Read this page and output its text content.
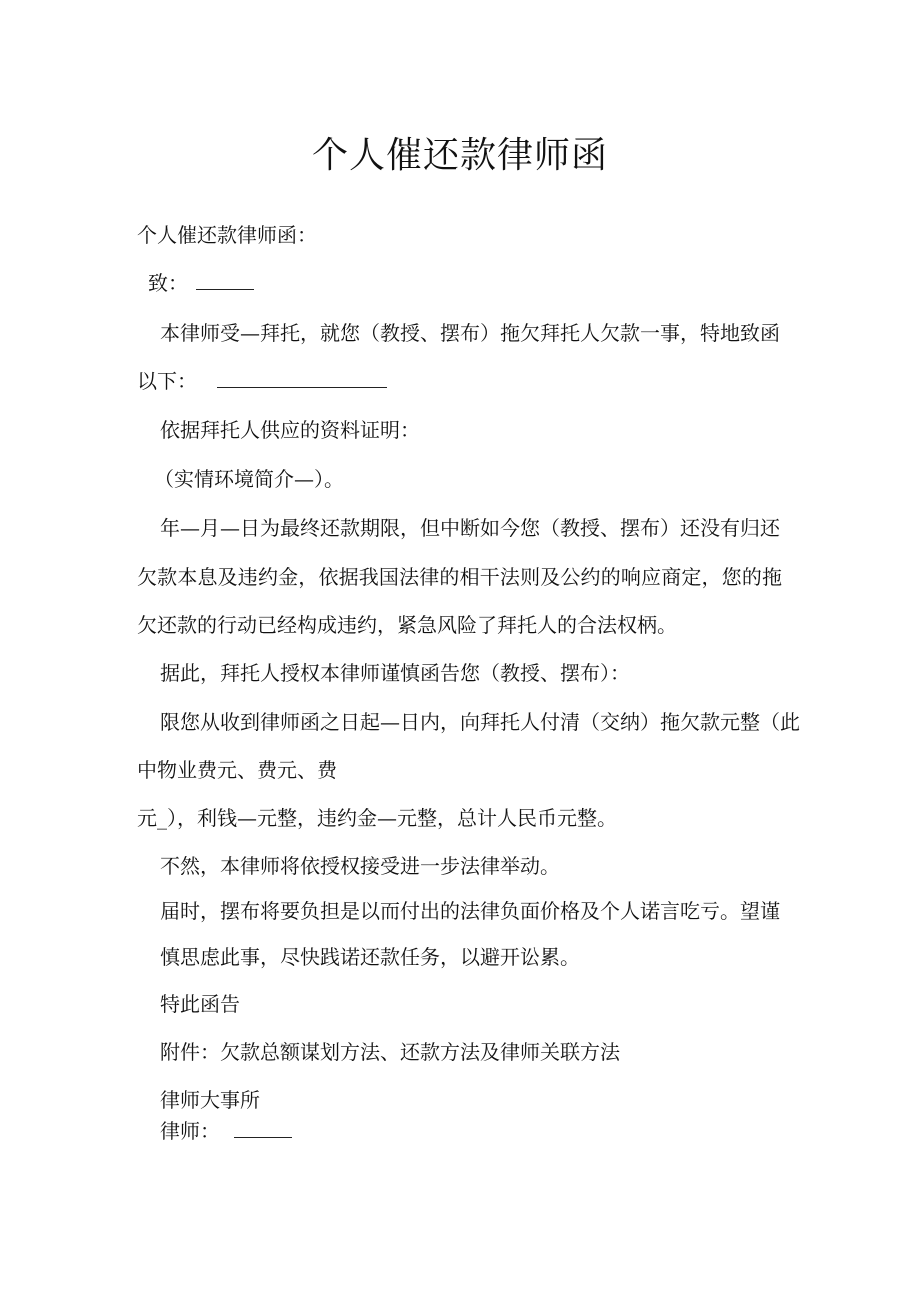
个人催还款律师函
个人催还款律师函：
致：
本律师受—拜托，就您（教授、摆布）拖欠拜托人欠款一事，特地致函
以下：
依据拜托人供应的资料证明：
（实情环境简介—）。
年—月—日为最终还款期限，但中断如今您（教授、摆布）还没有归还
欠款本息及违约金，依据我国法律的相干法则及公约的响应商定，您的拖
欠还款的行动已经构成违约，紧急风险了拜托人的合法权柄。
据此，拜托人授权本律师谨慎函告您（教授、摆布）：
限您从收到律师函之日起—日内，向拜托人付清（交纳）拖欠款元整（此
中物业费元、费元、费
元_），利钱—元整，违约金—元整，总计人民币元整。
不然，本律师将依授权接受进一步法律举动。
届时，摆布将要负担是以而付出的法律负面价格及个人诺言吃亏。望谨
慎思虑此事，尽快践诺还款任务，以避开讼累。
特此函告
附件：欠款总额谋划方法、还款方法及律师关联方法
律师大事所
律师：
